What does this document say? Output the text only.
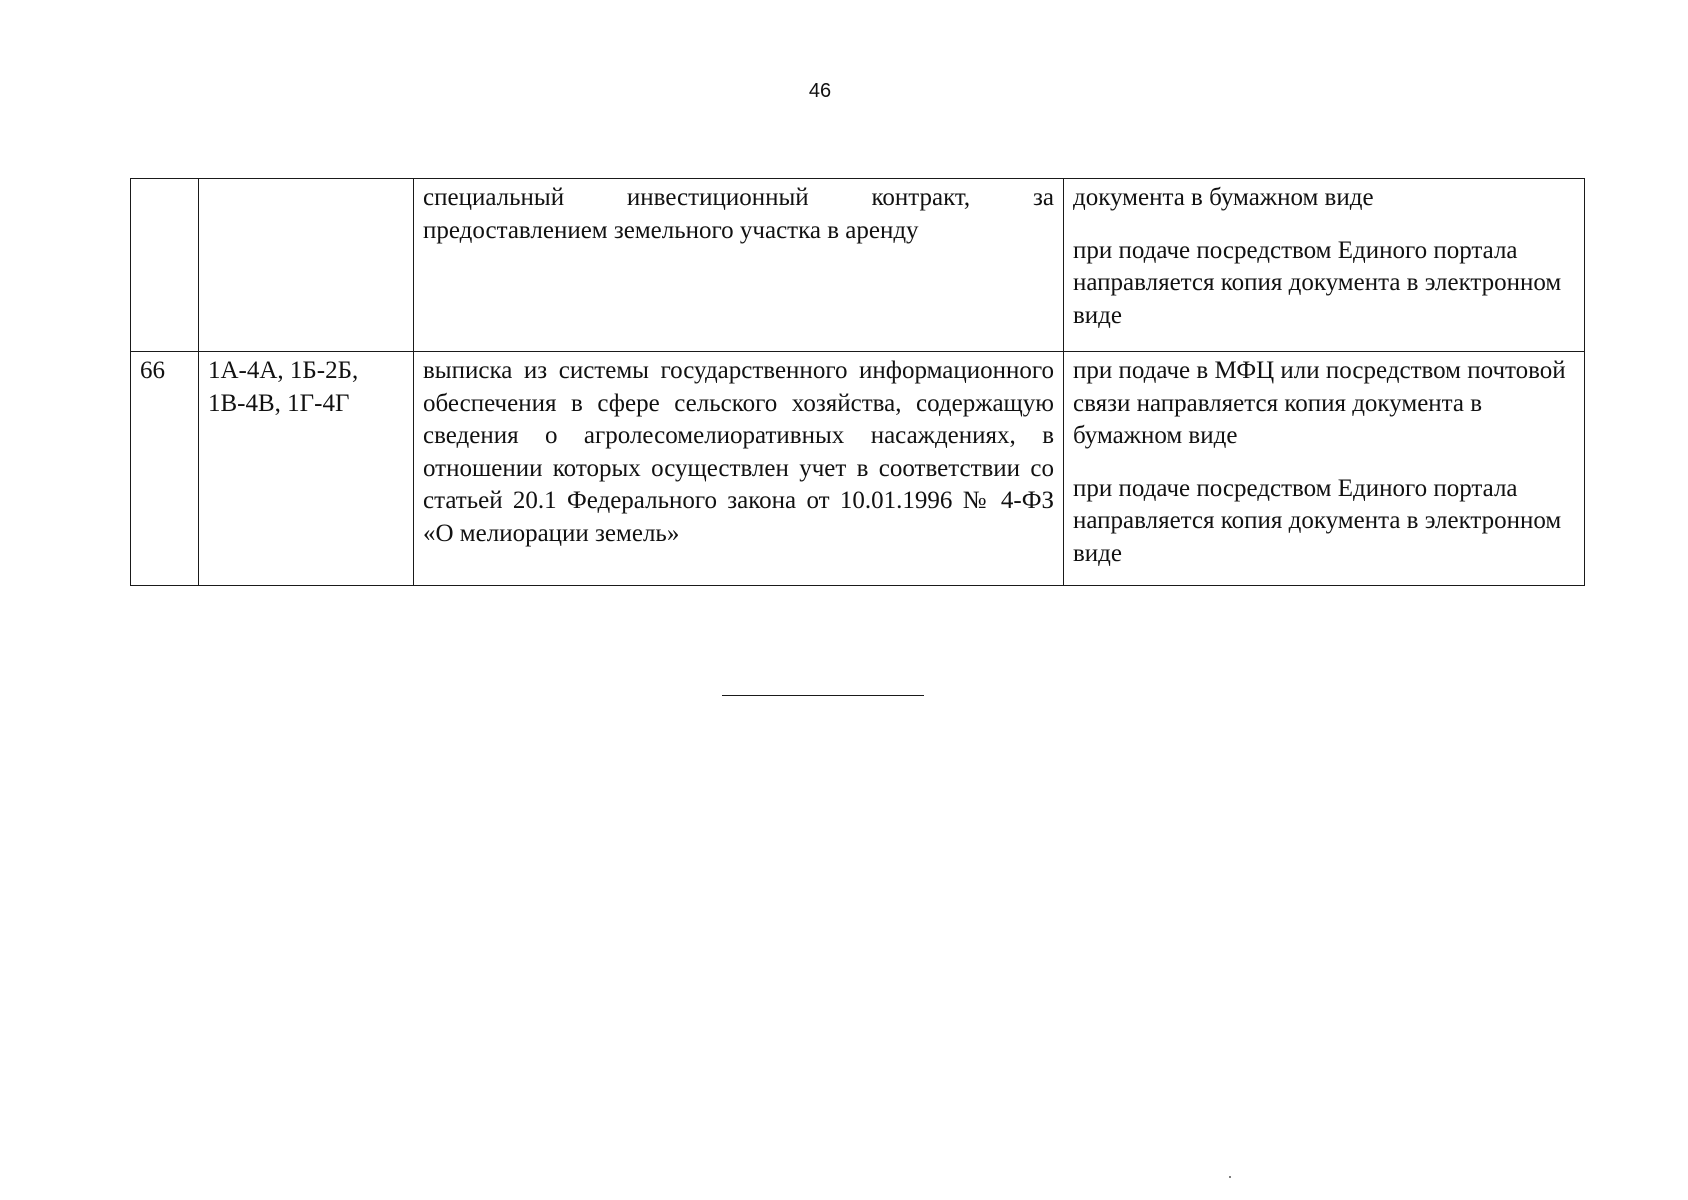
46

		специальный инвестиционный контракт, за предоставлением земельного участка в аренду	документа в бумажном виде

при подаче посредством Единого портала направляется копия документа в электронном виде

66	1А-4А, 1Б-2Б, 1В-4В, 1Г-4Г	выписка из системы государственного информационного обеспечения в сфере сельского хозяйства, содержащую сведения о агролесомелиоративных насаждениях, в отношении которых осуществлен учет в соответствии со статьей 20.1 Федерального закона от 10.01.1996 № 4-ФЗ «О мелиорации земель»	при подаче в МФЦ или посредством почтовой связи направляется копия документа в бумажном виде

при подаче посредством Единого портала направляется копия документа в электронном виде
